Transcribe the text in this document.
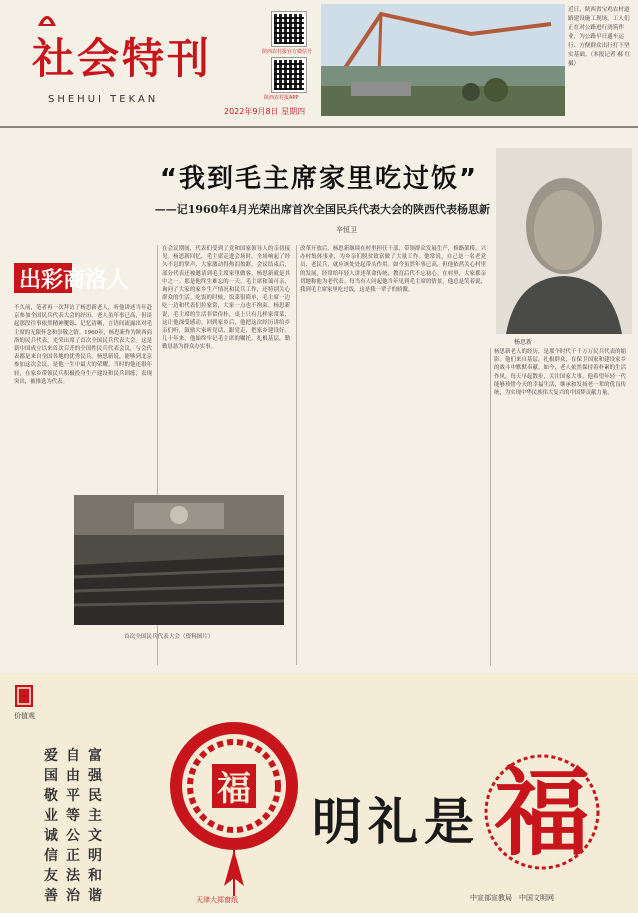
社会特刊
SHEHUI TEKAN
2022年9月8日 星期四
陕西农村报官方微信号
陕西农村报APP
近日，陕西省宝鸡农村道路建设施工现场，工人们正在对公路进行浇筑作业，为公路早日通车运行、方便群众出行打下坚实基础。（本报记者 郝 红 摄）
“我到毛主席家里吃过饭”
——记1960年4月光荣出席首次全国民兵代表大会的陕西代表杨思新
辛恒卫
杨思新
出彩商洛人
不久前，笔者再一次拜访了杨思新老人，听他讲述当年赴京参加全国民兵代表大会的经历。老人虽年事已高，但谈起那段往事依然精神矍铄、记忆清晰，言语间流露出对毛主席的无限怀念和崇敬之情。1960年，杨思新作为陕西商洛的民兵代表，光荣出席了首次全国民兵代表大会。这是新中国成立以来首次召开的全国性民兵代表会议，与会代表都是来自全国各地的优秀民兵。杨思新说，能够到北京参加这次会议，是他一生中最大的荣耀。当时的他还很年轻，在家乡带领民兵积极投身生产建设和民兵训练，表现突出，被推选为代表。
在会议期间，代表们受到了党和国家领导人的亲切接见。杨思新回忆，毛主席走进会场时，全场响起了经久不息的掌声，大家激动得热泪盈眶。会议结束后，部分代表还被邀请到毛主席家里做客，杨思新就是其中之一。那是他终生难忘的一天。毛主席和蔼可亲，询问了大家的家乡生产情况和民兵工作，还特别关心群众的生活。吃饭的时候，饭菜很简单，毛主席一边吃一边和代表们拉家常，大家一点也不拘束。杨思新说，毛主席的生活非常俭朴，桌上只有几样家常菜，这让他深受感动。回到家乡后，他把这次经历讲给乡亲们听，鼓励大家听党话、跟党走，把家乡建设好。几十年来，他始终牢记毛主席的嘱托，扎根基层，勤勤恳恳为群众办实事。
改革开放后，杨思新继续在村里担任干部，带领群众发展生产，修路架桥，兴办村集体事业，为乡亲们脱贫致富做了大量工作。他常说，自己是一名老党员、老民兵，就应该处处起带头作用。如今虽然年事已高，但他依然关心村里的发展，经常给年轻人讲述革命传统，教育后代不忘初心。在村里，大家都亲切地称他为老代表。每当有人问起他当年见到毛主席的情景，他总是笑着说，我到毛主席家里吃过饭，这是我一辈子的骄傲。
杨思新老人的经历，是那个时代千千万万民兵代表的缩影。他们来自基层，扎根群众，在保卫国家和建设家乡的战斗中默默奉献。如今，老人依然保持着朴素的生活作风，每天早起散步，关注国家大事。他希望年轻一代能够珍惜今天的幸福生活，继承和发扬老一辈的优良传统，为实现中华民族伟大复兴的中国梦贡献力量。
首次全国民兵代表大会（资料图片）
价值观
富强民主文明和谐
自由平等公正法治
爱国敬业诚信友善
福
天津大郑窗纸
明礼是 福
中宣部宣教局　中国文明网
